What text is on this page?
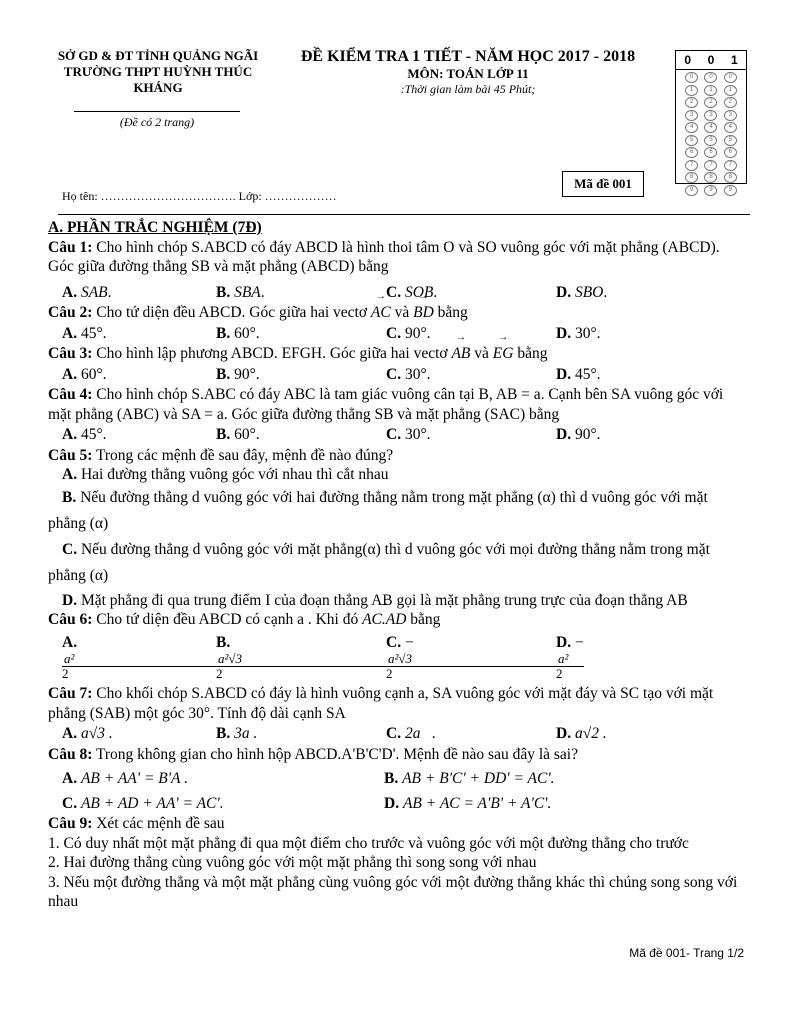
SỞ GD & ĐT TỈNH QUẢNG NGÃI
TRƯỜNG THPT HUỲNH THÚC
KHÁNG
(Đề có 2 trang)
ĐỀ KIỂM TRA 1 TIẾT - NĂM HỌC 2017 - 2018
MÔN: TOÁN LỚP 11
:Thời gian làm bài 45 Phút;
0 0 1
0
1
2
3
4
5
6
7
8
9
0
1
2
3
4
5
6
7
8
9
0
1
2
3
4
5
6
7
8
9
Mã đề 001
Họ tên: ……………………………. Lớp: ………………
A. PHẦN TRẮC NGHIỆM (7Đ)

Câu 1: Cho hình chóp S.ABCD có đáy ABCD là hình thoi tâm O và SO vuông góc với mặt phẳng (ABCD). Góc giữa đường thẳng SB và mặt phẳng (ABCD) bằng

A. SAB.	B. SBA.	C. SOB.	D. SBO.

Câu 2: Cho tứ diện đều ABCD. Góc giữa hai vectơ → AC và → BD bằng

A. 45°.	B. 60°.	C. 90°.	D. 30°.

Câu 3: Cho hình lập phương ABCD. EFGH. Góc giữa hai vectơ → AB và → EG bằng

A. 60°.	B. 90°.	C. 30°.	D. 45°.

Câu 4: Cho hình chóp S.ABC có đáy ABC là tam giác vuông cân tại B, AB = a. Cạnh bên SA vuông góc với mặt phẳng (ABC) và SA = a. Góc giữa đường thẳng SB và mặt phẳng (SAC) bằng

A. 45°.	B. 60°.	C. 30°.	D. 90°.

Câu 5: Trong các mệnh đề sau đây, mệnh đề nào đúng?

A. Hai đường thẳng vuông góc với nhau thì cắt nhau
B. Nếu đường thẳng d vuông góc với hai đường thẳng nằm trong mặt phẳng (α) thì d vuông góc với mặt phẳng (α)
C. Nếu đường thẳng d vuông góc với mặt phẳng(α) thì d vuông góc với mọi đường thẳng nằm trong mặt phẳng (α)
D. Mặt phẳng đi qua trung điểm I của đoạn thẳng AB gọi là mặt phẳng trung trực của đoạn thẳng AB

Câu 6: Cho tứ diện đều ABCD có cạnh a . Khi đó → AC.AD bằng

A.
a²
2
B.
a²√3
2
C. −
a²√3
2
D. −
a²
2

Câu 7: Cho khối chóp S.ABCD có đáy là hình vuông cạnh a, SA vuông góc với mặt đáy và SC tạo với mặt phẳng (SAB) một góc 30°. Tính độ dài cạnh SA

A. a√3 .	B. 3a .	C. 2a   .	D. a√2 .

Câu 8: Trong không gian cho hình hộp ABCD.A'B'C'D'. Mệnh đề nào sau đây là sai?

A. AB + AA' = B'A .	B. AB + B'C' + DD' = AC'.
C. AB + AD + AA' = AC'.	D. AB + AC = A'B' + A'C'.

Câu 9: Xét các mệnh đề sau

1. Có duy nhất một mặt phẳng đi qua một điểm cho trước và vuông góc với một đường thẳng cho trước
2. Hai đường thẳng cùng vuông góc với một mặt phẳng thì song song với nhau
3. Nếu một đường thẳng và một mặt phẳng cùng vuông góc với một đường thẳng khác thì chúng song song với nhau
Mã đề 001- Trang 1/2
